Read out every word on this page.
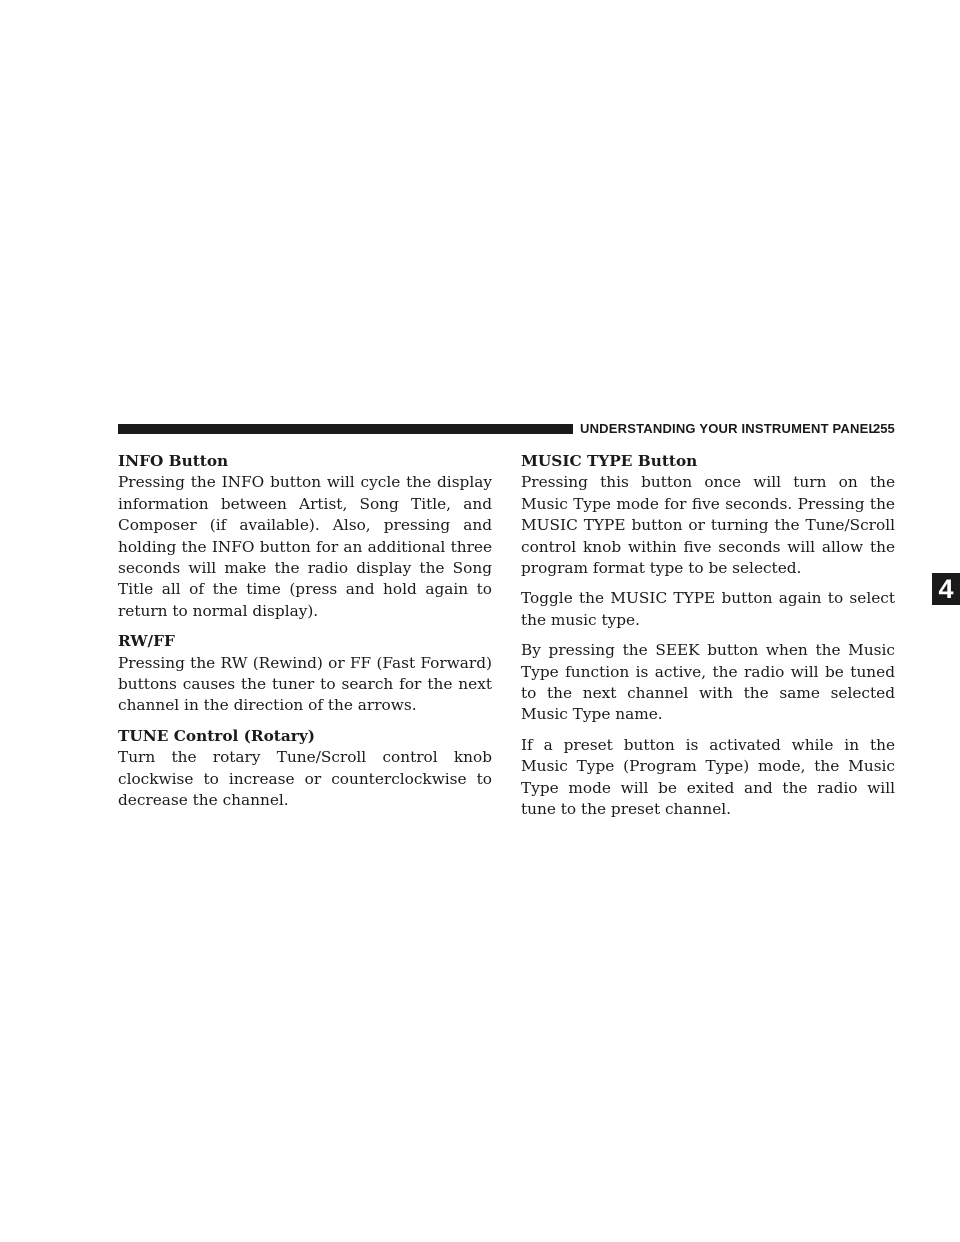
UNDERSTANDING YOUR INSTRUMENT PANEL
255
4
INFO Button

Pressing the INFO button will cycle the display information between Artist, Song Title, and Composer (if available). Also, pressing and holding the INFO button for an additional three seconds will make the radio display the Song Title all of the time (press and hold again to return to normal display).

RW/FF

Pressing the RW (Rewind) or FF (Fast Forward) buttons causes the tuner to search for the next channel in the direction of the arrows.

TUNE Control (Rotary)

Turn the rotary Tune/Scroll control knob clockwise to increase or counterclockwise to decrease the channel.

MUSIC TYPE Button

Pressing this button once will turn on the Music Type mode for five seconds. Pressing the MUSIC TYPE button or turning the Tune/Scroll control knob within five seconds will allow the program format type to be selected.

Toggle the MUSIC TYPE button again to select the music type.

By pressing the SEEK button when the Music Type function is active, the radio will be tuned to the next channel with the same selected Music Type name.

If a preset button is activated while in the Music Type (Program Type) mode, the Music Type mode will be exited and the radio will tune to the preset channel.
